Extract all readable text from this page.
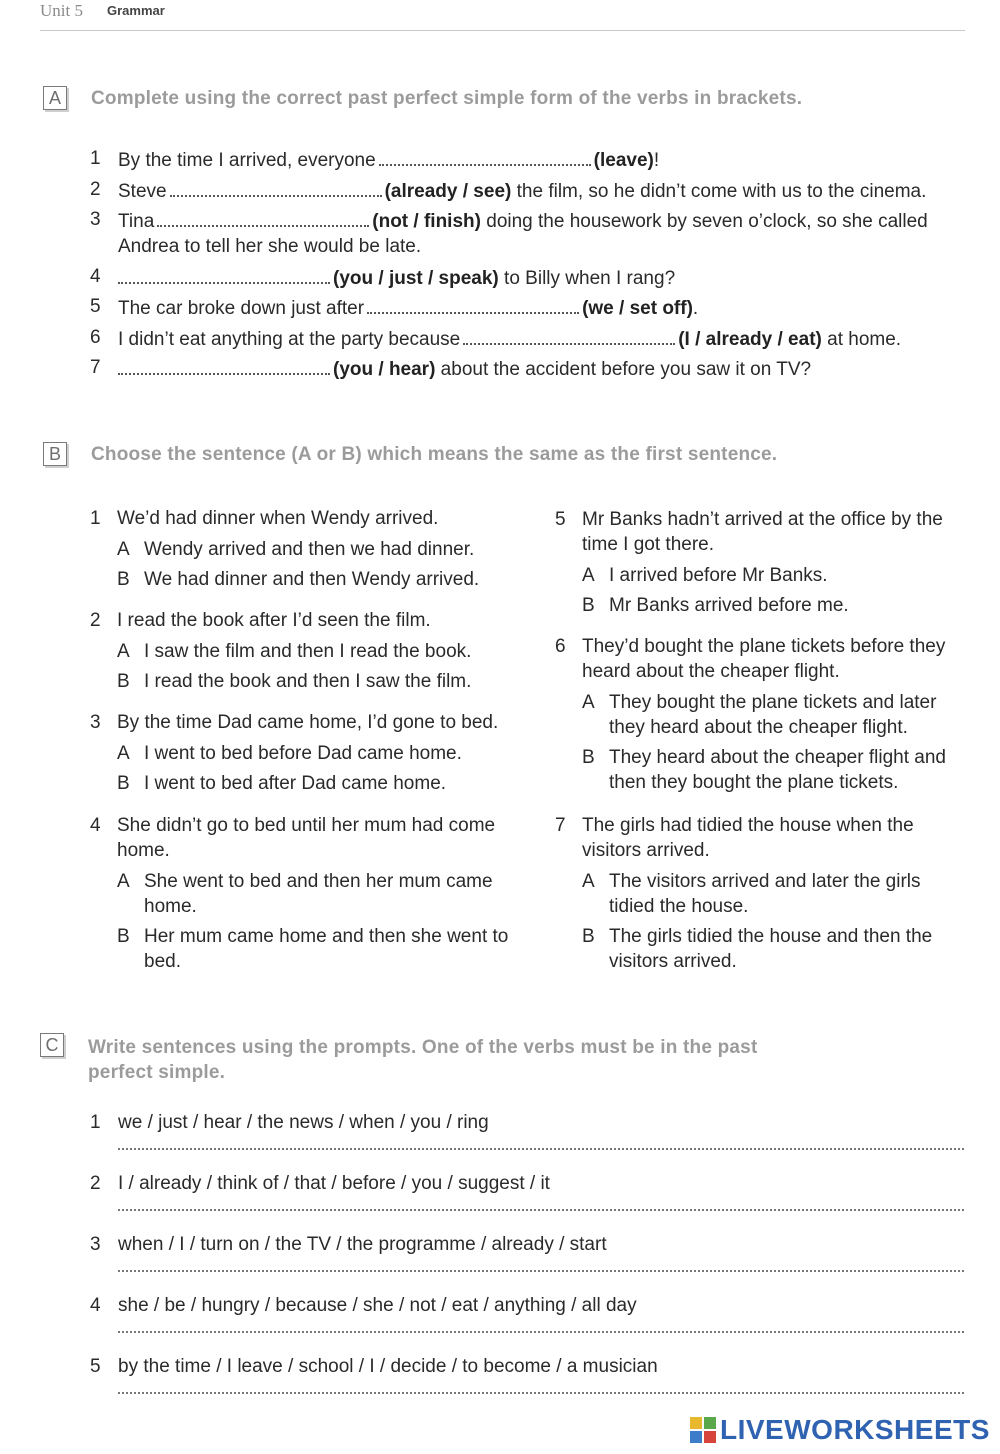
Unit 5 Grammar
A	Complete using the correct past perfect simple form of the verbs in brackets.
1 By the time I arrived, everyone	(leave)!
2 Steve	(already / see) the film, so he didn’t come with us to the cinema.
3 Tina	(not / finish) doing the housework by seven o’clock, so she called
Andrea to tell her she would be late.
4	(you / just / speak) to Billy when I rang?
5 The car broke down just after	(we / set off).
6 I didn’t eat anything at the party because	(I / already / eat) at home.
7	(you / hear) about the accident before you saw it on TV?
B	Choose the sentence (A or B) which means the same as the first sentence.
1 We’d had dinner when Wendy arrived.
A Wendy arrived and then we had dinner.
B We had dinner and then Wendy arrived.
2 I read the book after I’d seen the film.
A I saw the film and then I read the book.
B I read the book and then I saw the film.
3 By the time Dad came home, I’d gone to bed.
A I went to bed before Dad came home.
B I went to bed after Dad came home.
4 She didn’t go to bed until her mum had come
home.
A She went to bed and then her mum came
home.
B Her mum came home and then she went to
bed.
5 Mr Banks hadn’t arrived at the office by the
time I got there.
A I arrived before Mr Banks.
B Mr Banks arrived before me.
6 They’d bought the plane tickets before they
heard about the cheaper flight.
A They bought the plane tickets and later
they heard about the cheaper flight.
B They heard about the cheaper flight and
then they bought the plane tickets.
7 The girls had tidied the house when the
visitors arrived.
A The visitors arrived and later the girls
tidied the house.
B The girls tidied the house and then the
visitors arrived.
C Write sentences using the prompts. One of the verbs must be in the past
perfect simple.
1 we / just / hear / the news / when / you / ring
2 I / already / think of / that / before / you / suggest / it
3 when / I / turn on / the TV / the programme / already / start
4 she / be / hungry / because / she / not / eat / anything / all day
5 by the time / I leave / school / I / decide / to become / a musician
LIVEWORKSHEETS
